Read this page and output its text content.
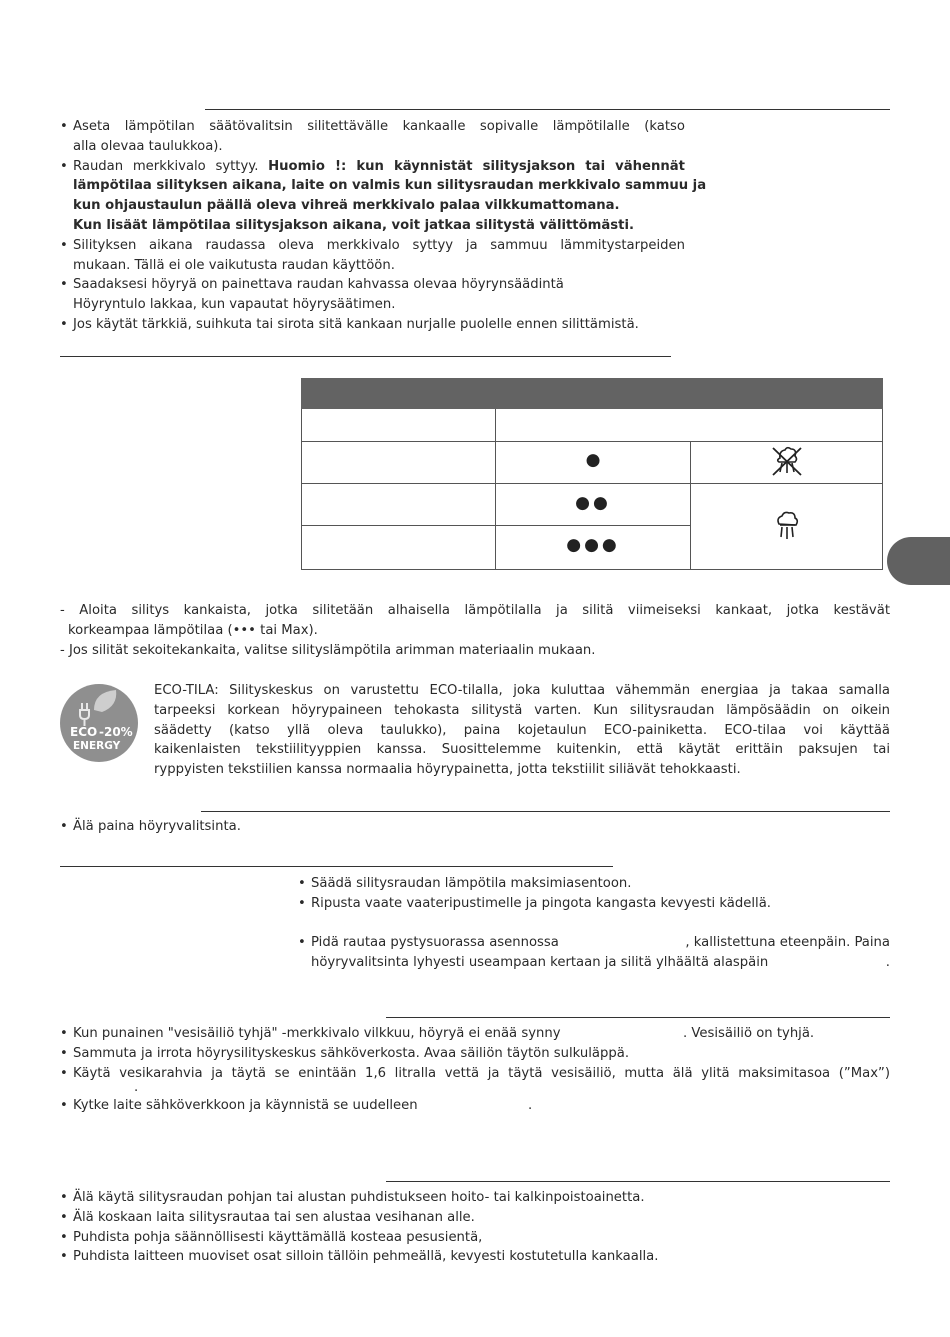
• Aseta lämpötilan säätövalitsin silitettävälle kankaalle sopivalle lämpötilalle (katso
alla olevaa taulukkoa).
• Raudan merkkivalo syttyy. Huomio !: kun käynnistät silitysjakson tai vähennät
lämpötilaa silityksen aikana, laite on valmis kun silitysraudan merkkivalo sammuu ja
kun ohjaustaulun päällä oleva vihreä merkkivalo palaa vilkkumattomana.
Kun lisäät lämpötilaa silitysjakson aikana, voit jatkaa silitystä välittömästi.
• Silityksen aikana raudassa oleva merkkivalo syttyy ja sammuu lämmitystarpeiden
mukaan. Tällä ei ole vaikutusta raudan käyttöön.
• Saadaksesi höyryä on painettava raudan kahvassa olevaa höyrynsäädintä
Höyryntulo lakkaa, kun vapautat höyrysäätimen.
• Jos käytät tärkkiä, suihkuta tai sirota sitä kankaan nurjalle puolelle ennen silittämistä.
●
●●
●●●
- Aloita silitys kankaista, jotka silitetään alhaisella lämpötilalla ja silitä viimeiseksi kankaat, jotka kestävät
korkeampaa lämpötilaa (••• tai Max).
- Jos silität sekoitekankaita, valitse silityslämpötila arimman materiaalin mukaan.
ECO -20%
ENERGY
ECO-TILA: Silityskeskus on varustettu ECO-tilalla, joka kuluttaa vähemmän energiaa ja takaa samalla
tarpeeksi korkean höyrypaineen tehokasta silitystä varten. Kun silitysraudan lämpösäädin on oikein
säädetty (katso yllä oleva taulukko), paina kojetaulun ECO-painiketta. ECO-tilaa voi käyttää
kaikenlaisten tekstiilityyppien kanssa. Suosittelemme kuitenkin, että käytät erittäin paksujen tai
ryppyisten tekstiilien kanssa normaalia höyrypainetta, jotta tekstiilit siliävät tehokkaasti.
• Älä paina höyryvalitsinta.
• Säädä silitysraudan lämpötila maksimiasentoon.
• Ripusta vaate vaateripustimelle ja pingota kangasta kevyesti kädellä.
• Pidä rautaa pystysuorassa asennossa	, kallistettuna eteenpäin. Paina
höyryvalitsinta lyhyesti useampaan kertaan ja silitä ylhäältä alaspäin	.
• Kun punainen "vesisäiliö tyhjä" -merkkivalo vilkkuu, höyryä ei enää synny	. Vesisäiliö on tyhjä.
• Sammuta ja irrota höyrysilityskeskus sähköverkosta. Avaa säiliön täytön sulkuläppä.
• Käytä vesikarahvia ja täytä se enintään 1,6 litralla vettä ja täytä vesisäiliö, mutta älä ylitä maksimitasoa (”Max”)
.
• Kytke laite sähköverkkoon ja käynnistä se uudelleen	.
• Älä käytä silitysraudan pohjan tai alustan puhdistukseen hoito- tai kalkinpoistoainetta.
• Älä koskaan laita silitysrautaa tai sen alustaa vesihanan alle.
• Puhdista pohja säännöllisesti käyttämällä kosteaa pesusientä,
• Puhdista laitteen muoviset osat silloin tällöin pehmeällä, kevyesti kostutetulla kankaalla.
